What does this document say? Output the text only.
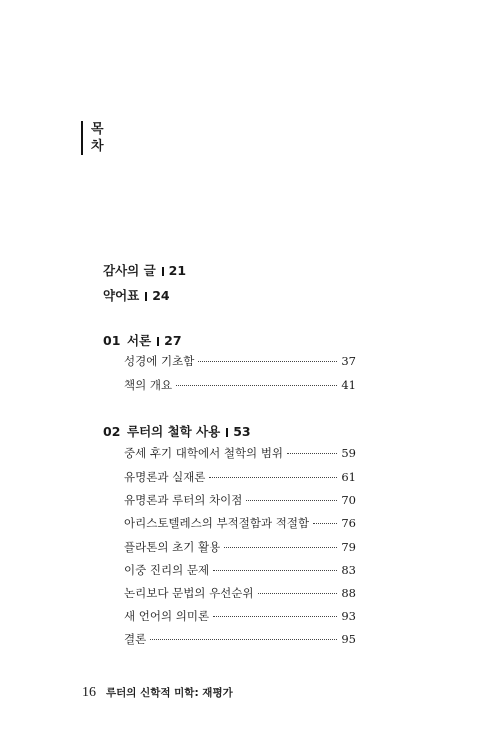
목
차
감사의 글 21
약어표 24
01 서론 27
성경에 기초함	37
책의 개요	41
02 루터의 철학 사용 53
중세 후기 대학에서 철학의 범위	59
유명론과 실재론	61
유명론과 루터의 차이점	70
아리스토텔레스의 부적절함과 적절함	76
플라톤의 초기 활용	79
이중 진리의 문제	83
논리보다 문법의 우선순위	88
새 언어의 의미론	93
결론	95
16 루터의 신학적 미학: 재평가
